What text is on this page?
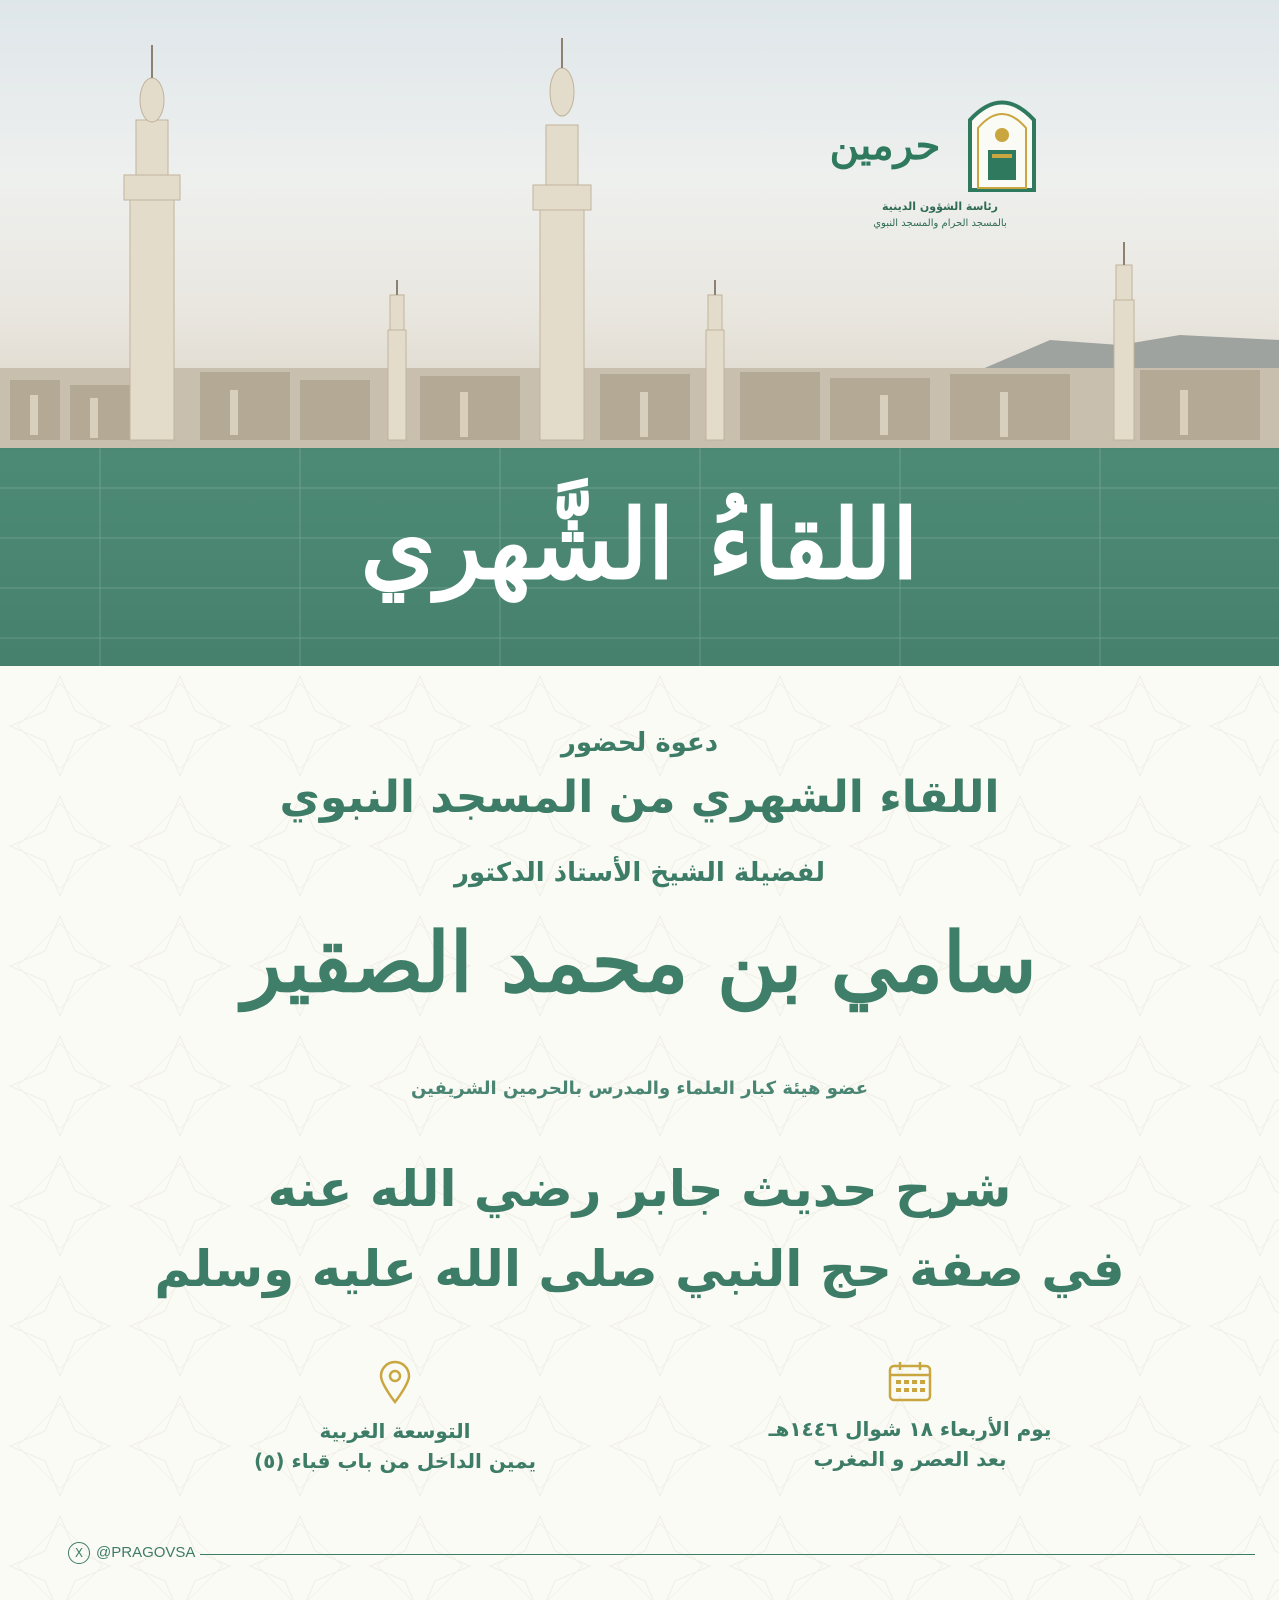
حرمين
رئاسة الشؤون الدينية
بالمسجد الحرام والمسجد النبوي
اللقاءُ الشَّهري
دعوة لحضور
اللقاء الشهري من المسجد النبوي
لفضيلة الشيخ الأستاذ الدكتور
سامي بن محمد الصقير
عضو هيئة كبار العلماء والمدرس بالحرمين الشريفين
شرح حديث جابر رضي الله عنه
في صفة حج النبي صلى الله عليه وسلم
يوم الأربعاء ١٨ شوال ١٤٤٦هـ
بعد العصر و المغرب
التوسعة الغربية
يمين الداخل من باب قباء (٥)
X @PRAGOVSA
